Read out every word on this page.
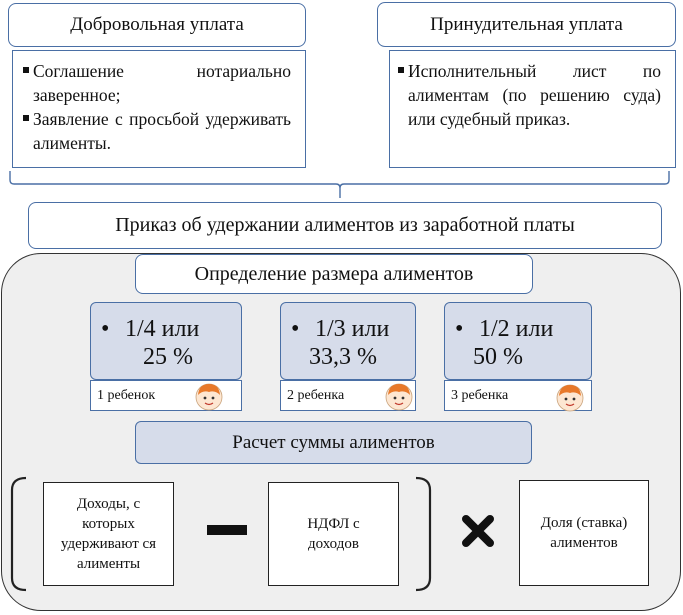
Добровольная уплата
Соглашение нотариально заверенное;
Заявление с просьбой удерживать алименты.
Принудительная уплата
Исполнительный лист по алиментам (по решению суда) или судебный приказ.
Приказ об удержании алиментов из заработной платы
Определение размера алиментов
• 1/4 или
25 %
1 ребенок
• 1/3 или
33,3 %
2 ребенка
• 1/2 или
50 %
3 ребенка
Расчет суммы алиментов
Доходы, с которых удерживают ся алименты
НДФЛ с доходов
Доля (ставка) алиментов
